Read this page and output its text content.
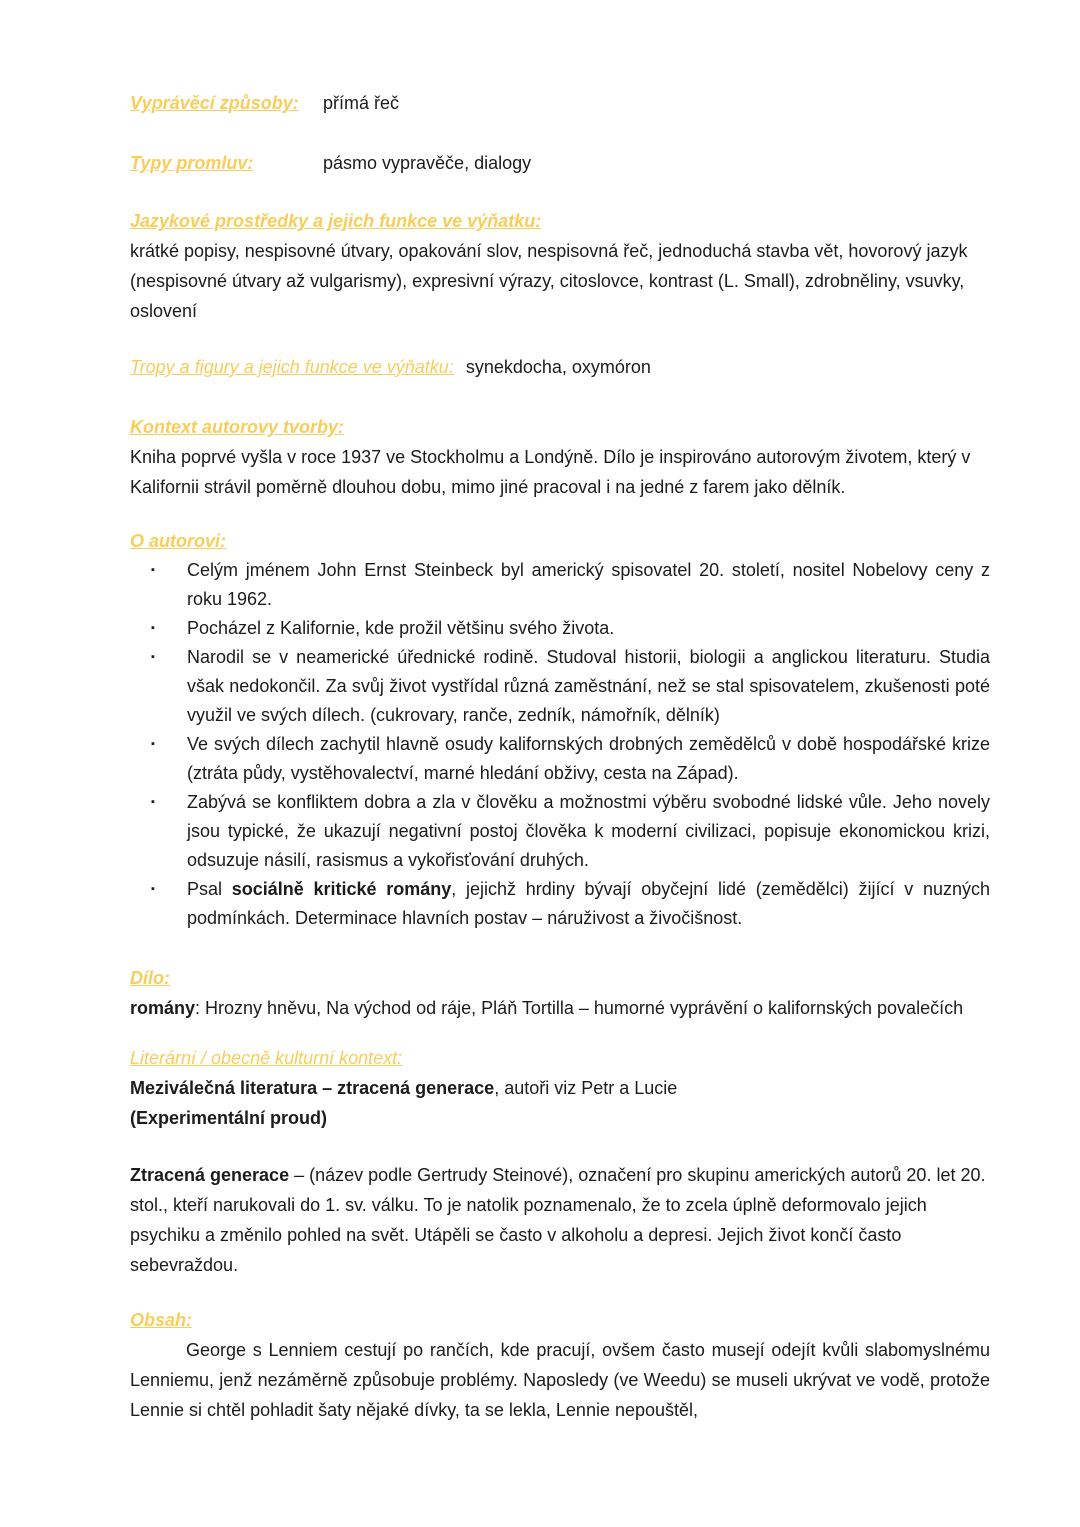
Vyprávěcí způsoby:	přímá řeč
Typy promluv:	pásmo vypravěče, dialogy
Jazykové prostředky a jejich funkce ve výňatku:

krátké popisy, nespisovné útvary, opakování slov, nespisovná řeč, jednoduchá stavba vět, hovorový jazyk (nespisovné útvary až vulgarismy), expresivní výrazy, citoslovce, kontrast (L. Small), zdrobněliny, vsuvky, oslovení

Tropy a figury a jejich funkce ve výňatku: synekdocha, oxymóron
Kontext autorovy tvorby:

Kniha poprvé vyšla v roce 1937 ve Stockholmu a Londýně. Dílo je inspirováno autorovým životem, který v Kalifornii strávil poměrně dlouhou dobu, mimo jiné pracoval i na jedné z farem jako dělník.

O autorovi:
▪	Celým jménem John Ernst Steinbeck byl americký spisovatel 20. století, nositel Nobelovy ceny z roku 1962.
▪	Pocházel z Kalifornie, kde prožil většinu svého života.
▪	Narodil se v neamerické úřednické rodině. Studoval historii, biologii a anglickou literaturu. Studia však nedokončil. Za svůj život vystřídal různá zaměstnání, než se stal spisovatelem, zkušenosti poté využil ve svých dílech. (cukrovary, ranče, zedník, námořník, dělník)
▪	Ve svých dílech zachytil hlavně osudy kalifornských drobných zemědělců v době hospodářské krize (ztráta půdy, vystěhovalectví, marné hledání obživy, cesta na Západ).
▪	Zabývá se konfliktem dobra a zla v člověku a možnostmi výběru svobodné lidské vůle. Jeho novely jsou typické, že ukazují negativní postoj člověka k moderní civilizaci, popisuje ekonomickou krizi, odsuzuje násilí, rasismus a vykořisťování druhých.
▪	Psal sociálně kritické romány, jejichž hrdiny bývají obyčejní lidé (zemědělci) žijící v nuzných podmínkách. Determinace hlavních postav – náruživost a živočišnost.
Dílo:

romány: Hrozny hněvu, Na východ od ráje, Pláň Tortilla – humorné vyprávění o kalifornských povalečích

Literární / obecně kulturní kontext:

Meziválečná literatura – ztracená generace, autoři viz Petr a Lucie

(Experimentální proud)

Ztracená generace – (název podle Gertrudy Steinové), označení pro skupinu amerických autorů 20. let 20. stol., kteří narukovali do 1. sv. válku. To je natolik poznamenalo, že to zcela úplně deformovalo jejich psychiku a změnilo pohled na svět. Utápěli se často v alkoholu a depresi. Jejich život končí často sebevraždou.

Obsah:

George s Lenniem cestují po rančích, kde pracují, ovšem často musejí odejít kvůli slabomyslnému Lenniemu, jenž nezáměrně způsobuje problémy. Naposledy (ve Weedu) se museli ukrývat ve vodě, protože Lennie si chtěl pohladit šaty nějaké dívky, ta se lekla, Lennie nepouštěl,
